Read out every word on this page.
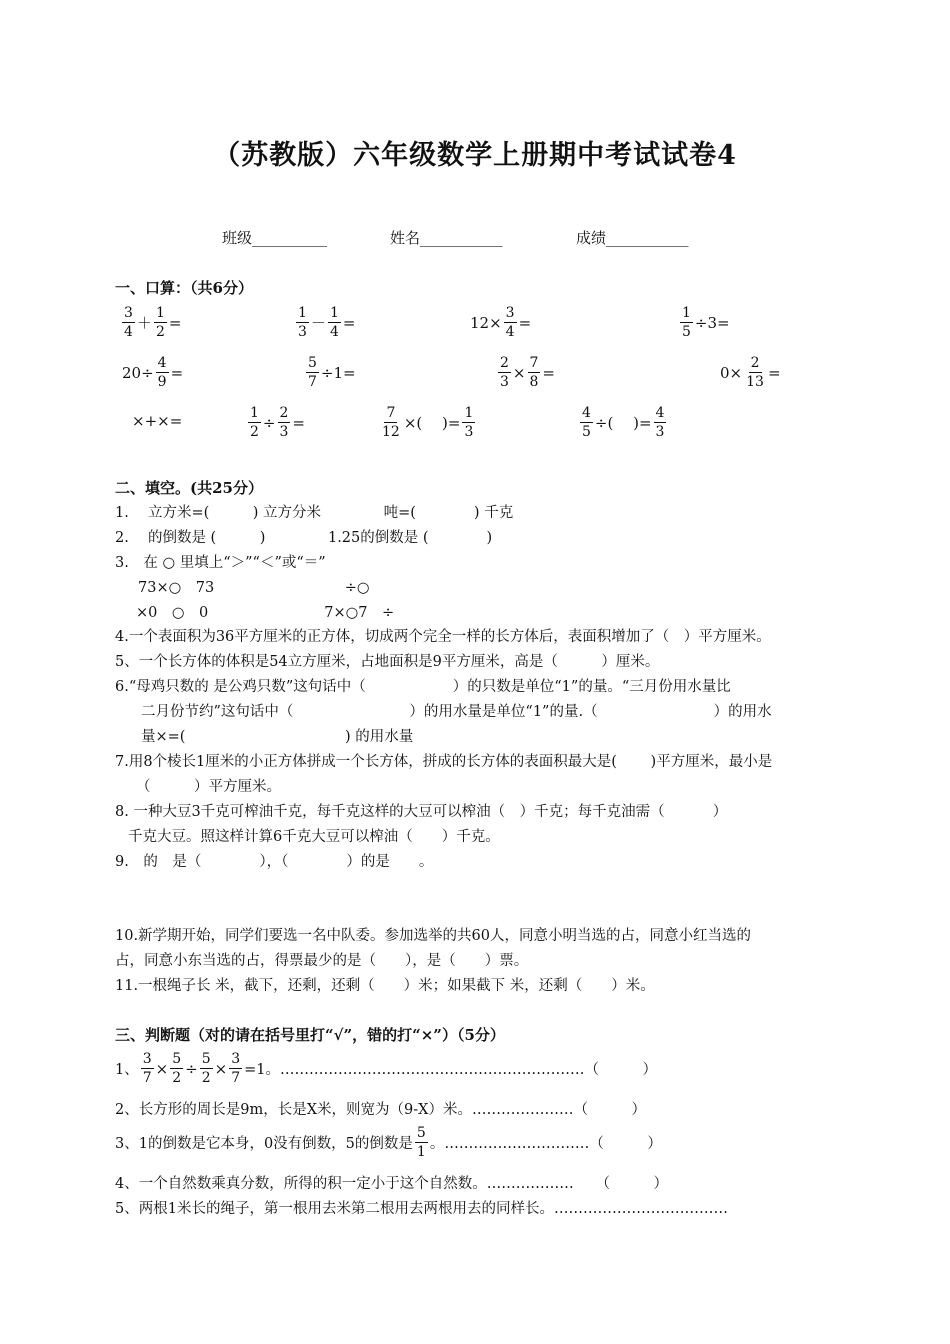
（苏教版）六年级数学上册期中考试试卷4
班级__________	姓名___________	成绩___________
一、口算：（共6分）
$\frac{3}{4} + \frac{1}{2}$ =	$\frac{1}{3} - \frac{1}{4}$ =	$12\times \frac{3}{4}$ =	$\frac{1}{5} \div 3=$
$20\div \frac{4}{9}$ =	$\frac{5}{7} \div 1=$	$\frac{2}{3} \times \frac{7}{8}$ =	$0\times \frac{2}{13}$ =
×+×=	$\frac{1}{2} \div \frac{2}{3}$ =	$\frac{7}{12}$ ×(　 )= $\frac{1}{3}$	$\frac{4}{5}$ ÷(　 )= $\frac{4}{3}$
二、填空。(共25分）
1.　 立方米=(　　　) 立方分米　　　　 吨=(　　　　) 千克
2.　 的倒数是 (　　　)　　　　 1.25的倒数是 (　　　　)
3.　在 ○ 里填上“＞”“＜”或“＝”
73×○　73　　　　　　　　　÷○
×0　○　0　　　　　　　　7×○7　÷
4.一个表面积为36平方厘米的正方体，切成两个完全一样的长方体后，表面积增加了（　）平方厘米。
5、一个长方体的体积是54立方厘米，占地面积是9平方厘米，高是（　　　）厘米。
6.“母鸡只数的 是公鸡只数”这句话中（　　　　　　）的只数是单位“1”的量。“三月份用水量比
二月份节约”这句话中（　　　　　　　　）的用水量是单位“1”的量.（　　　　　　　　）的用水
量×=(　　　　　　　　　　　) 的用水量
7.用8个棱长1厘米的小正方体拼成一个长方体，拼成的长方体的表面积最大是(　　 )平方厘米，最小是
（　　　）平方厘米。
8. 一种大豆3千克可榨油千克，每千克这样的大豆可以榨油（　）千克；每千克油需（　　　 ）
千克大豆。照这样计算6千克大豆可以榨油（　　）千克。
9.　的　是（　　　　），（　　　　）的是　　。
10.新学期开始，同学们要选一名中队委。参加选举的共60人，同意小明当选的占，同意小红当选的
占，同意小东当选的占，得票最少的是（　　），是（　　）票。
11.一根绳子长 米，截下，还剩，还剩（　　）米；如果截下 米，还剩（　　）米。
三、判断题（对的请在括号里打“√”，错的打“×”）（5分）
1、 $\frac{3}{7} \times \frac{5}{2} \div \frac{5}{2} \times \frac{3}{7} =1$。………………………………………………………（　　　）
2、长方形的周长是9m，长是X米，则宽为（9-X）米。…………………（　　　）
3、1的倒数是它本身，0没有倒数，5的倒数是 $\frac{5}{1}$ 。…………………………（　　　）
4、一个自然数乘真分数，所得的积一定小于这个自然数。………………　　（　　　）
5、两根1米长的绳子，第一根用去米第二根用去两根用去的同样长。………………………………
